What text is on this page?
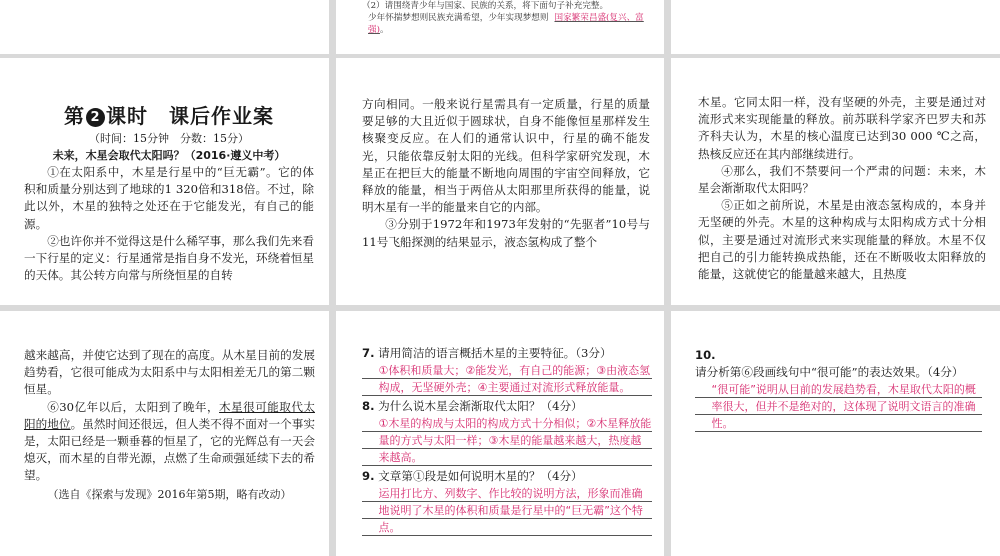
（2）请围绕青少年与国家、民族的关系，将下面句子补充完整。

少年怀揣梦想则民族充满希望，少年实现梦想则 国家繁荣昌盛(复兴、富
强)。

第 2 课时　课后作业案
（时间：15分钟　分数：15分）
未来，木星会取代太阳吗？（2016·遵义中考）

①在太阳系中，木星是行星中的“巨无霸”。它的体积和质量分别达到了地球的1 320倍和318倍。不过，除此以外，木星的独特之处还在于它能发光，有自己的能源。

②也许你并不觉得这是什么稀罕事，那么我们先来看一下行星的定义：行星通常是指自身不发光，环绕着恒星的天体。其公转方向常与所绕恒星的自转

方向相同。一般来说行星需具有一定质量，行星的质量要足够的大且近似于圆球状，自身不能像恒星那样发生核聚变反应。在人们的通常认识中，行星的确不能发光，只能依靠反射太阳的光线。但科学家研究发现，木星正在把巨大的能量不断地向周围的宇宙空间释放，它释放的能量，相当于两倍从太阳那里所获得的能量，说明木星有一半的能量来自它的内部。

③分别于1972年和1973年发射的“先驱者”10号与11号飞船探测的结果显示，液态氢构成了整个

木星。它同太阳一样，没有坚硬的外壳，主要是通过对流形式来实现能量的释放。前苏联科学家齐巴罗夫和苏齐科夫认为，木星的核心温度已达到30 000 ℃之高，热核反应还在其内部继续进行。

④那么，我们不禁要问一个严肃的问题：未来，木星会渐渐取代太阳吗？

⑤正如之前所说，木星是由液态氢构成的，本身并无坚硬的外壳。木星的这种构成与太阳构成方式十分相似，主要是通过对流形式来实现能量的释放。木星不仅把自己的引力能转换成热能，还在不断吸收太阳释放的能量，这就使它的能量越来越大，且热度

越来越高，并使它达到了现在的高度。从木星目前的发展趋势看，它很可能成为太阳系中与太阳相差无几的第二颗恒星。

⑥30亿年以后，太阳到了晚年，木星很可能取代太阳的地位。虽然时间还很远，但人类不得不面对一个事实是，太阳已经是一颗垂暮的恒星了，它的光辉总有一天会熄灭，而木星的自带光源，点燃了生命顽强延续下去的希望。

（选自《探索与发现》2016年第5期，略有改动）

7. 请用简洁的语言概括木星的主要特征。（3分）

①体积和质量大；②能发光，有自己的能源；③由液态氢构成，无坚硬外壳；④主要通过对流形式释放能量。

8. 为什么说木星会渐渐取代太阳？（4分）

①木星的构成与太阳的构成方式十分相似；②木星释放能量的方式与太阳一样；③木星的能量越来越大，热度越来越高。

9. 文章第①段是如何说明木星的？（4分）

运用打比方、列数字、作比较的说明方法，形象而准确地说明了木星的体积和质量是行星中的“巨无霸”这个特点。

10. 请分析第⑥段画线句中“很可能”的表达效果。（4分）

“很可能”说明从目前的发展趋势看，木星取代太阳的概率很大，但并不是绝对的，这体现了说明文语言的准确性。
